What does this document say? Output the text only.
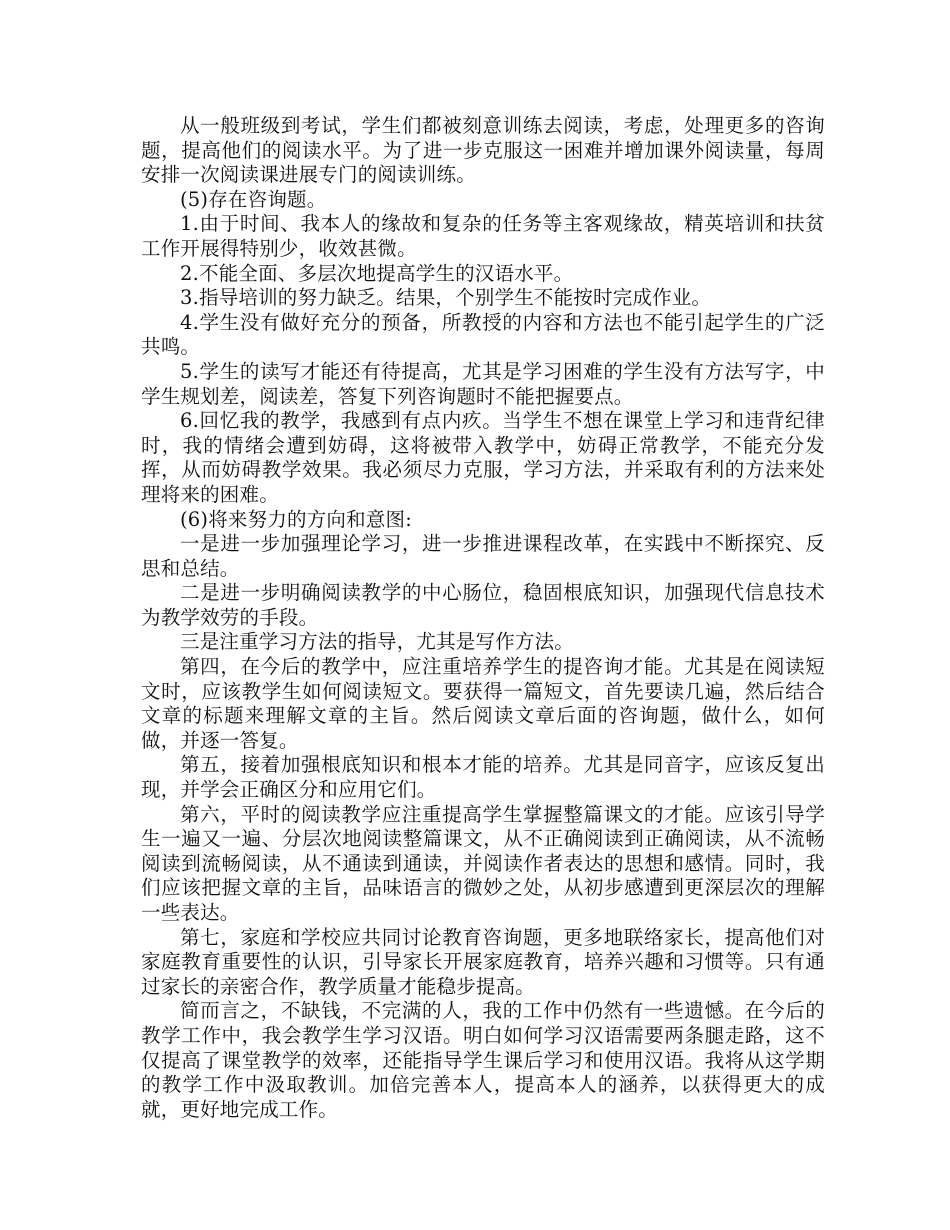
从一般班级到考试，学生们都被刻意训练去阅读，考虑，处理更多的咨询题，提高他们的阅读水平。为了进一步克服这一困难并增加课外阅读量，每周安排一次阅读课进展专门的阅读训练。

(5)存在咨询题。

1.由于时间、我本人的缘故和复杂的任务等主客观缘故，精英培训和扶贫工作开展得特别少，收效甚微。

2.不能全面、多层次地提高学生的汉语水平。

3.指导培训的努力缺乏。结果，个别学生不能按时完成作业。

4.学生没有做好充分的预备，所教授的内容和方法也不能引起学生的广泛共鸣。

5.学生的读写才能还有待提高，尤其是学习困难的学生没有方法写字，中学生规划差，阅读差，答复下列咨询题时不能把握要点。

6.回忆我的教学，我感到有点内疚。当学生不想在课堂上学习和违背纪律时，我的情绪会遭到妨碍，这将被带入教学中，妨碍正常教学，不能充分发挥，从而妨碍教学效果。我必须尽力克服，学习方法，并采取有利的方法来处理将来的困难。

(6)将来努力的方向和意图:

一是进一步加强理论学习，进一步推进课程改革，在实践中不断探究、反思和总结。

二是进一步明确阅读教学的中心肠位，稳固根底知识，加强现代信息技术为教学效劳的手段。

三是注重学习方法的指导，尤其是写作方法。

第四，在今后的教学中，应注重培养学生的提咨询才能。尤其是在阅读短文时，应该教学生如何阅读短文。要获得一篇短文，首先要读几遍，然后结合文章的标题来理解文章的主旨。然后阅读文章后面的咨询题，做什么，如何做，并逐一答复。

第五，接着加强根底知识和根本才能的培养。尤其是同音字，应该反复出现，并学会正确区分和应用它们。

第六，平时的阅读教学应注重提高学生掌握整篇课文的才能。应该引导学生一遍又一遍、分层次地阅读整篇课文，从不正确阅读到正确阅读，从不流畅阅读到流畅阅读，从不通读到通读，并阅读作者表达的思想和感情。同时，我们应该把握文章的主旨，品味语言的微妙之处，从初步感遭到更深层次的理解一些表达。

第七，家庭和学校应共同讨论教育咨询题，更多地联络家长，提高他们对家庭教育重要性的认识，引导家长开展家庭教育，培养兴趣和习惯等。只有通过家长的亲密合作，教学质量才能稳步提高。

简而言之，不缺钱，不完满的人，我的工作中仍然有一些遗憾。在今后的教学工作中，我会教学生学习汉语。明白如何学习汉语需要两条腿走路，这不仅提高了课堂教学的效率，还能指导学生课后学习和使用汉语。我将从这学期的教学工作中汲取教训。加倍完善本人，提高本人的涵养，以获得更大的成就，更好地完成工作。
